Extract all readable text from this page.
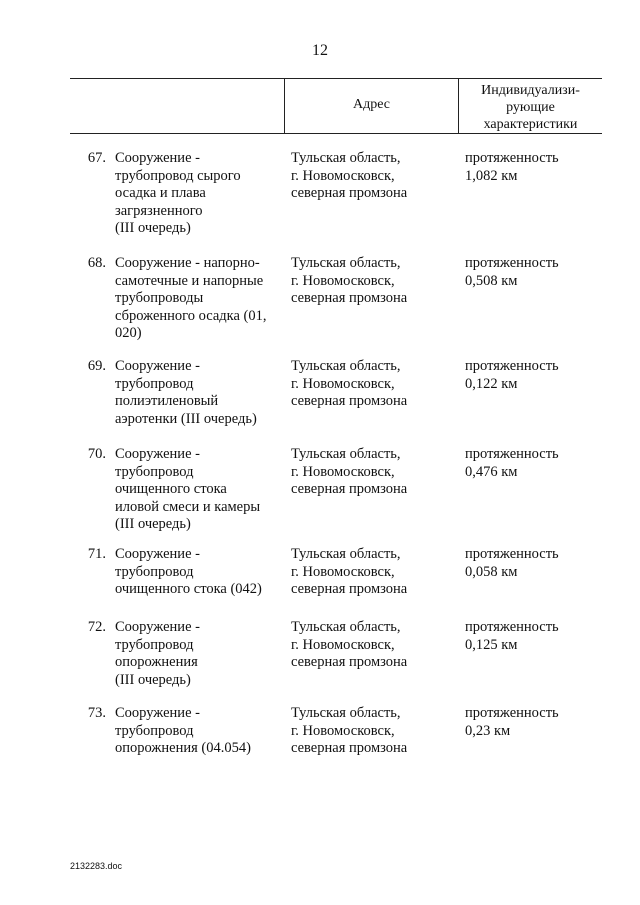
12
Адрес
Индивидуализи-
рующие
характеристики
67. Сооружение -
трубопровод сырого
осадка и плава
загрязненного
(III очередь)
Тульская область,
г. Новомосковск,
северная промзона
протяженность
1,082 км
68. Сооружение - напорно-
самотечные и напорные
трубопроводы
сброженного осадка (01,
020)
Тульская область,
г. Новомосковск,
северная промзона
протяженность
0,508 км
69. Сооружение -
трубопровод
полиэтиленовый
аэротенки (III очередь)
Тульская область,
г. Новомосковск,
северная промзона
протяженность
0,122 км
70. Сооружение -
трубопровод
очищенного стока
иловой смеси и камеры
(III очередь)
Тульская область,
г. Новомосковск,
северная промзона
протяженность
0,476 км
71. Сооружение -
трубопровод
очищенного стока (042)
Тульская область,
г. Новомосковск,
северная промзона
протяженность
0,058 км
72. Сооружение -
трубопровод
опорожнения
(III очередь)
Тульская область,
г. Новомосковск,
северная промзона
протяженность
0,125 км
73. Сооружение -
трубопровод
опорожнения (04.054)
Тульская область,
г. Новомосковск,
северная промзона
протяженность
0,23 км
2132283.doc
